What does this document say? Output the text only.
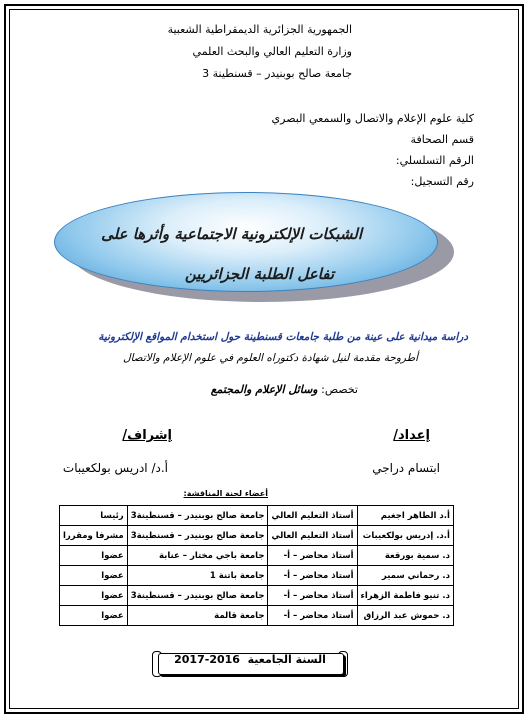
الجمهورية الجزائرية الديمقراطية الشعبية
وزارة التعليم العالي والبحث العلمي
جامعة صالح بوبنيدر – قسنطينة 3
كلية علوم الإعلام والاتصال والسمعي البصري
قسم الصحافة
الرقم التسلسلي:
رقم التسجيل:
الشبكات الإلكترونية الاجتماعية وأثرها على
تفاعل الطلبة الجزائريين
دراسة ميدانية على عينة من طلبة جامعات قسنطينة حول استخدام المواقع الإلكترونية
أطروحة مقدمة لنيل شهادة دكتوراه العلوم في علوم الإعلام والاتصال
تخصص: وسائل الإعلام والمجتمع
إعداد/
ابتسام دراجي
إشراف/
أ.د/ ادريس بولكعيبات
أعضاء لجنة المناقشة:
أ.د الطاهر اجغيم	أستاذ التعليم العالي	جامعة صالح بوبنيدر – قسنطينة3	رئيسا
أ.د. إدريس بولكعيبات	أستاذ التعليم العالي	جامعة صالح بوبنيدر – قسنطينة3	مشرفا ومقررا
د. سمية بورقعة	أستاذ محاضر – أ-	جامعة باجي مختار – عنابة	عضوا
د. رحماني سمير	أستاذ محاضر – أ-	جامعة باتنة 1	عضوا
د. تنيو فاطمة الزهراء	أستاذ محاضر – أ-	جامعة صالح بوبنيدر – قسنطينة3	عضوا
د. حموش عبد الرزاق	أستاذ محاضر – أ-	جامعة قالمة	عضوا
السنة الجامعية  2016-2017
